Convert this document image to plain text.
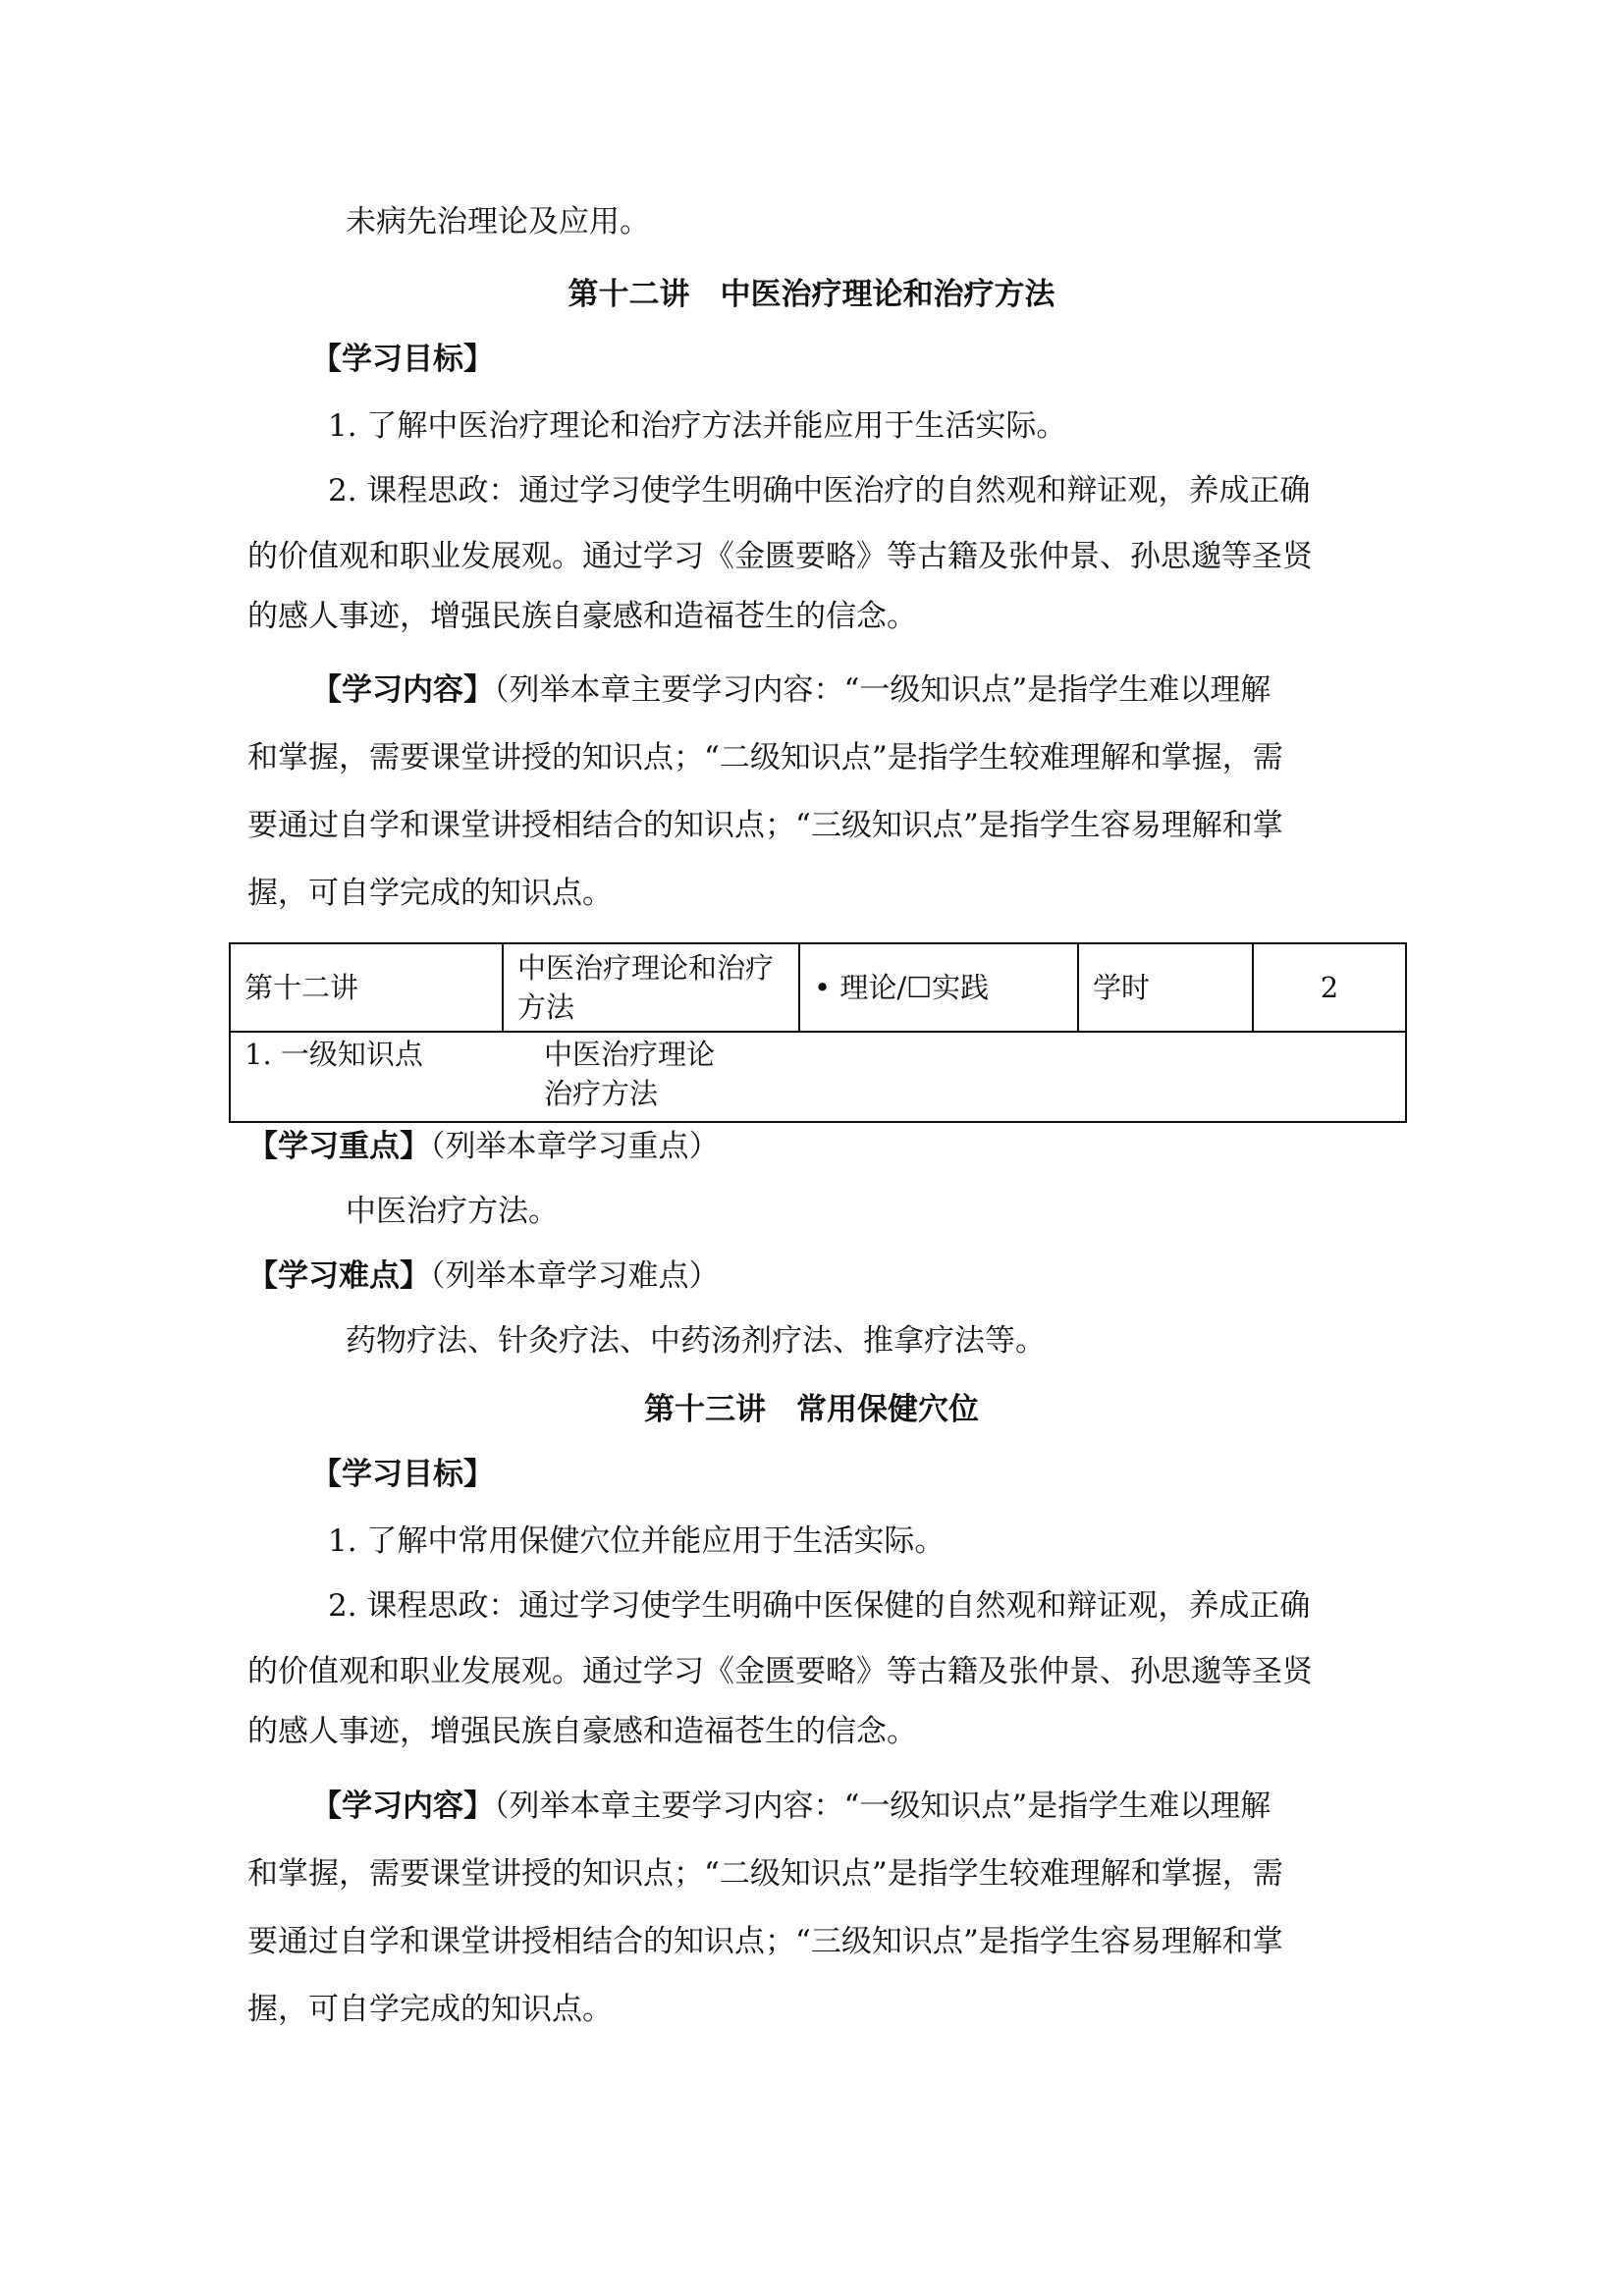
未病先治理论及应用。
第十二讲　中医治疗理论和治疗方法
【学习目标】
1. 了解中医治疗理论和治疗方法并能应用于生活实际。
2. 课程思政：通过学习使学生明确中医治疗的自然观和辩证观，养成正确
的价值观和职业发展观。通过学习《金匮要略》等古籍及张仲景、孙思邈等圣贤
的感人事迹，增强民族自豪感和造福苍生的信念。
【学习内容】（列举本章主要学习内容：“一级知识点”是指学生难以理解
和掌握，需要课堂讲授的知识点；“二级知识点”是指学生较难理解和掌握，需
要通过自学和课堂讲授相结合的知识点；“三级知识点”是指学生容易理解和掌
握，可自学完成的知识点。
第十二讲	中医治疗理论和治疗方法	• 理论/☐实践	学时	2

1. 一级知识点	中医治疗理论
治疗方法
【学习重点】（列举本章学习重点）
中医治疗方法。
【学习难点】（列举本章学习难点）
药物疗法、针灸疗法、中药汤剂疗法、推拿疗法等。
第十三讲　常用保健穴位
【学习目标】
1. 了解中常用保健穴位并能应用于生活实际。
2. 课程思政：通过学习使学生明确中医保健的自然观和辩证观，养成正确
的价值观和职业发展观。通过学习《金匮要略》等古籍及张仲景、孙思邈等圣贤
的感人事迹，增强民族自豪感和造福苍生的信念。
【学习内容】（列举本章主要学习内容：“一级知识点”是指学生难以理解
和掌握，需要课堂讲授的知识点；“二级知识点”是指学生较难理解和掌握，需
要通过自学和课堂讲授相结合的知识点；“三级知识点”是指学生容易理解和掌
握，可自学完成的知识点。
